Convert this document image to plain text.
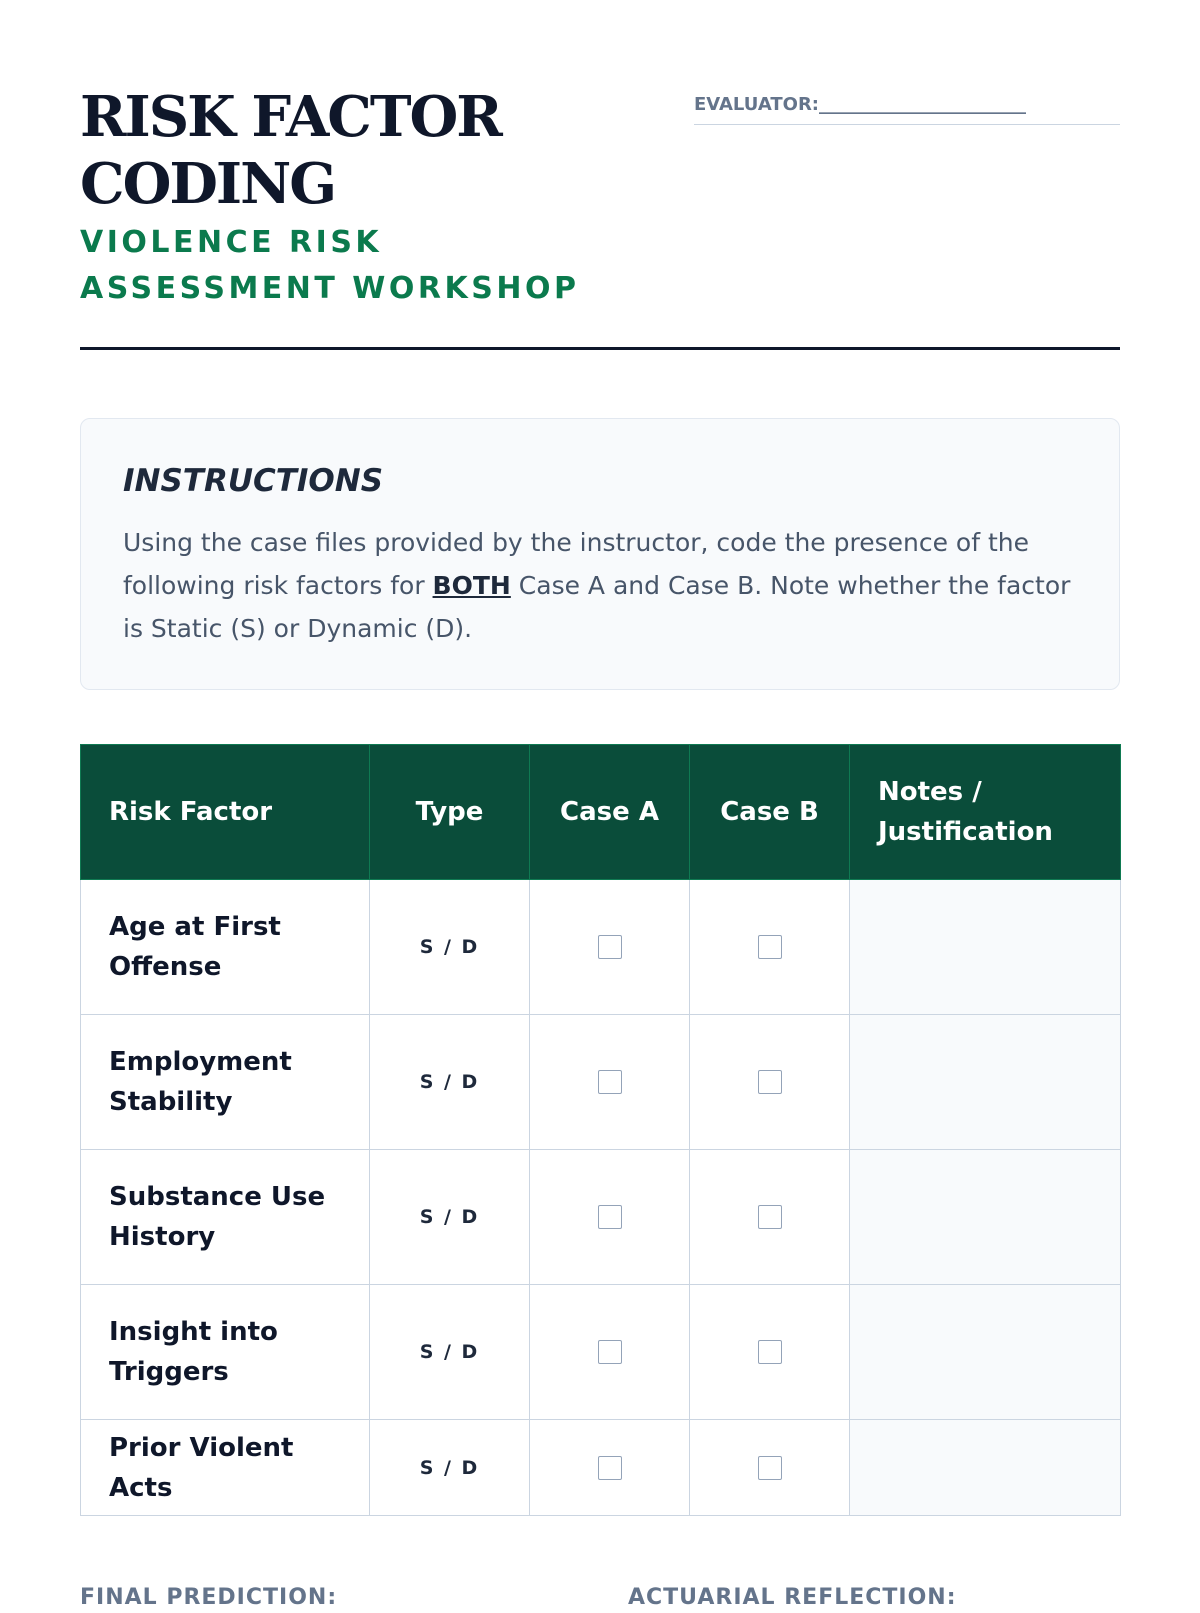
RISK FACTOR CODING
VIOLENCE RISK ASSESSMENT WORKSHOP
EVALUATOR:_______________________
INSTRUCTIONS

Using the case files provided by the instructor, code the presence of the following risk factors for BOTH Case A and Case B. Note whether the factor is Static (S) or Dynamic (D).

Risk Factor	Type	Case A	Case B	Notes / Justification
Age at First Offense	S / D			
Employment Stability	S / D			
Substance Use History	S / D			
Insight into Triggers	S / D			
Prior Violent Acts	S / D			
FINAL PREDICTION:	ACTUARIAL REFLECTION:
